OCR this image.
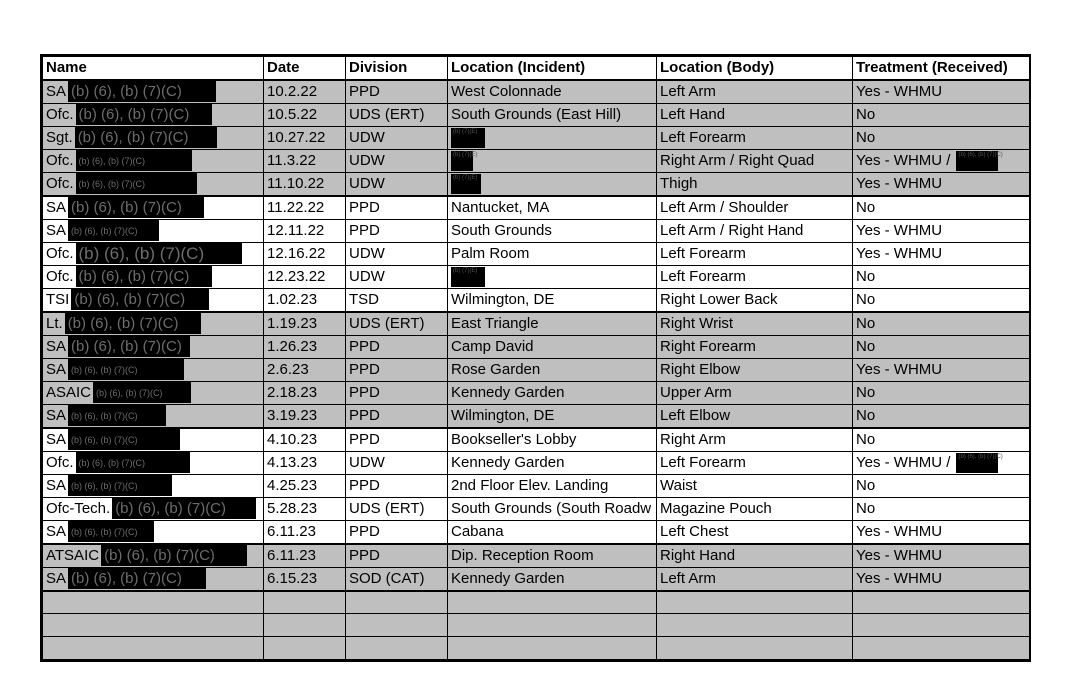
Name	Date	Division	Location (Incident)	Location (Body)	Treatment (Received)

SA (b) (6), (b) (7)(C)	10.2.22	PPD	West Colonnade	Left Arm	Yes - WHMU

Ofc. (b) (6), (b) (7)(C)	10.5.22	UDS (ERT)	South Grounds (East Hill)	Left Hand	No

Sgt. (b) (6), (b) (7)(C)	10.27.22	UDW	(b) (7)(E)	Left Forearm	No

Ofc. (b) (6), (b) (7)(C)	11.3.22	UDW	(b) (7)(E)	Right Arm / Right Quad	Yes - WHMU / (b) (6), (b) (7)(C)

Ofc. (b) (6), (b) (7)(C)	11.10.22	UDW	(b) (7)(E)	Thigh	Yes - WHMU

SA (b) (6), (b) (7)(C)	11.22.22	PPD	Nantucket, MA	Left Arm / Shoulder	No

SA (b) (6), (b) (7)(C)	12.11.22	PPD	South Grounds	Left Arm / Right Hand	Yes - WHMU

Ofc. (b) (6), (b) (7)(C)	12.16.22	UDW	Palm Room	Left Forearm	Yes - WHMU

Ofc. (b) (6), (b) (7)(C)	12.23.22	UDW	(b) (7)(E)	Left Forearm	No

TSI (b) (6), (b) (7)(C)	1.02.23	TSD	Wilmington, DE	Right Lower Back	No

Lt. (b) (6), (b) (7)(C)	1.19.23	UDS (ERT)	East Triangle	Right Wrist	No

SA (b) (6), (b) (7)(C)	1.26.23	PPD	Camp David	Right Forearm	No

SA (b) (6), (b) (7)(C)	2.6.23	PPD	Rose Garden	Right Elbow	Yes - WHMU

ASAIC (b) (6), (b) (7)(C)	2.18.23	PPD	Kennedy Garden	Upper Arm	No

SA (b) (6), (b) (7)(C)	3.19.23	PPD	Wilmington, DE	Left Elbow	No

SA (b) (6), (b) (7)(C)	4.10.23	PPD	Bookseller's Lobby	Right Arm	No

Ofc. (b) (6), (b) (7)(C)	4.13.23	UDW	Kennedy Garden	Left Forearm	Yes - WHMU / (b) (6), (b) (7)(C)

SA (b) (6), (b) (7)(C)	4.25.23	PPD	2nd Floor Elev. Landing	Waist	No

Ofc-Tech. (b) (6), (b) (7)(C)	5.28.23	UDS (ERT)	South Grounds (South Roadw	Magazine Pouch	No

SA (b) (6), (b) (7)(C)	6.11.23	PPD	Cabana	Left Chest	Yes - WHMU

ATSAIC (b) (6), (b) (7)(C)	6.11.23	PPD	Dip. Reception Room	Right Hand	Yes - WHMU

SA (b) (6), (b) (7)(C)	6.15.23	SOD (CAT)	Kennedy Garden	Left Arm	Yes - WHMU
